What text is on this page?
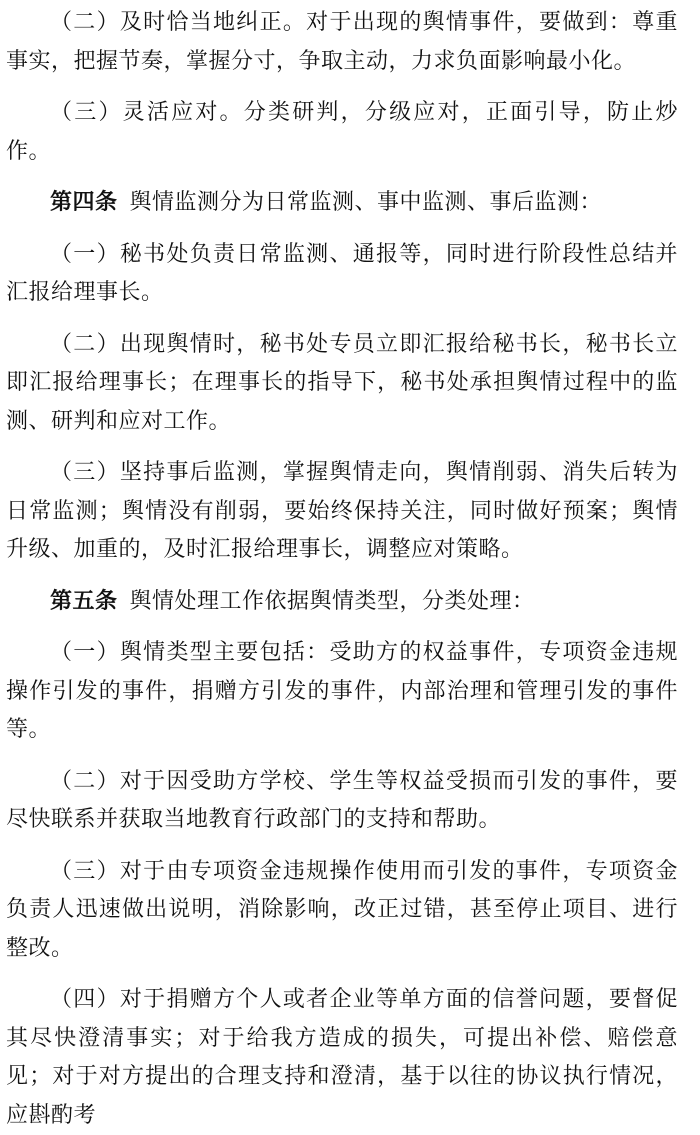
（二）及时恰当地纠正。对于出现的舆情事件，要做到：尊重事实，把握节奏，掌握分寸，争取主动，力求负面影响最小化。

（三）灵活应对。分类研判，分级应对，正面引导，防止炒作。

第四条 舆情监测分为日常监测、事中监测、事后监测：

（一）秘书处负责日常监测、通报等，同时进行阶段性总结并汇报给理事长。

（二）出现舆情时，秘书处专员立即汇报给秘书长，秘书长立即汇报给理事长；在理事长的指导下，秘书处承担舆情过程中的监测、研判和应对工作。

（三）坚持事后监测，掌握舆情走向，舆情削弱、消失后转为日常监测；舆情没有削弱，要始终保持关注，同时做好预案；舆情升级、加重的，及时汇报给理事长，调整应对策略。

第五条 舆情处理工作依据舆情类型，分类处理：

（一）舆情类型主要包括：受助方的权益事件，专项资金违规操作引发的事件，捐赠方引发的事件，内部治理和管理引发的事件等。

（二）对于因受助方学校、学生等权益受损而引发的事件，要尽快联系并获取当地教育行政部门的支持和帮助。

（三）对于由专项资金违规操作使用而引发的事件，专项资金负责人迅速做出说明，消除影响，改正过错，甚至停止项目、进行整改。

（四）对于捐赠方个人或者企业等单方面的信誉问题，要督促其尽快澄清事实；对于给我方造成的损失，可提出补偿、赔偿意见；对于对方提出的合理支持和澄清，基于以往的协议执行情况，应斟酌考
